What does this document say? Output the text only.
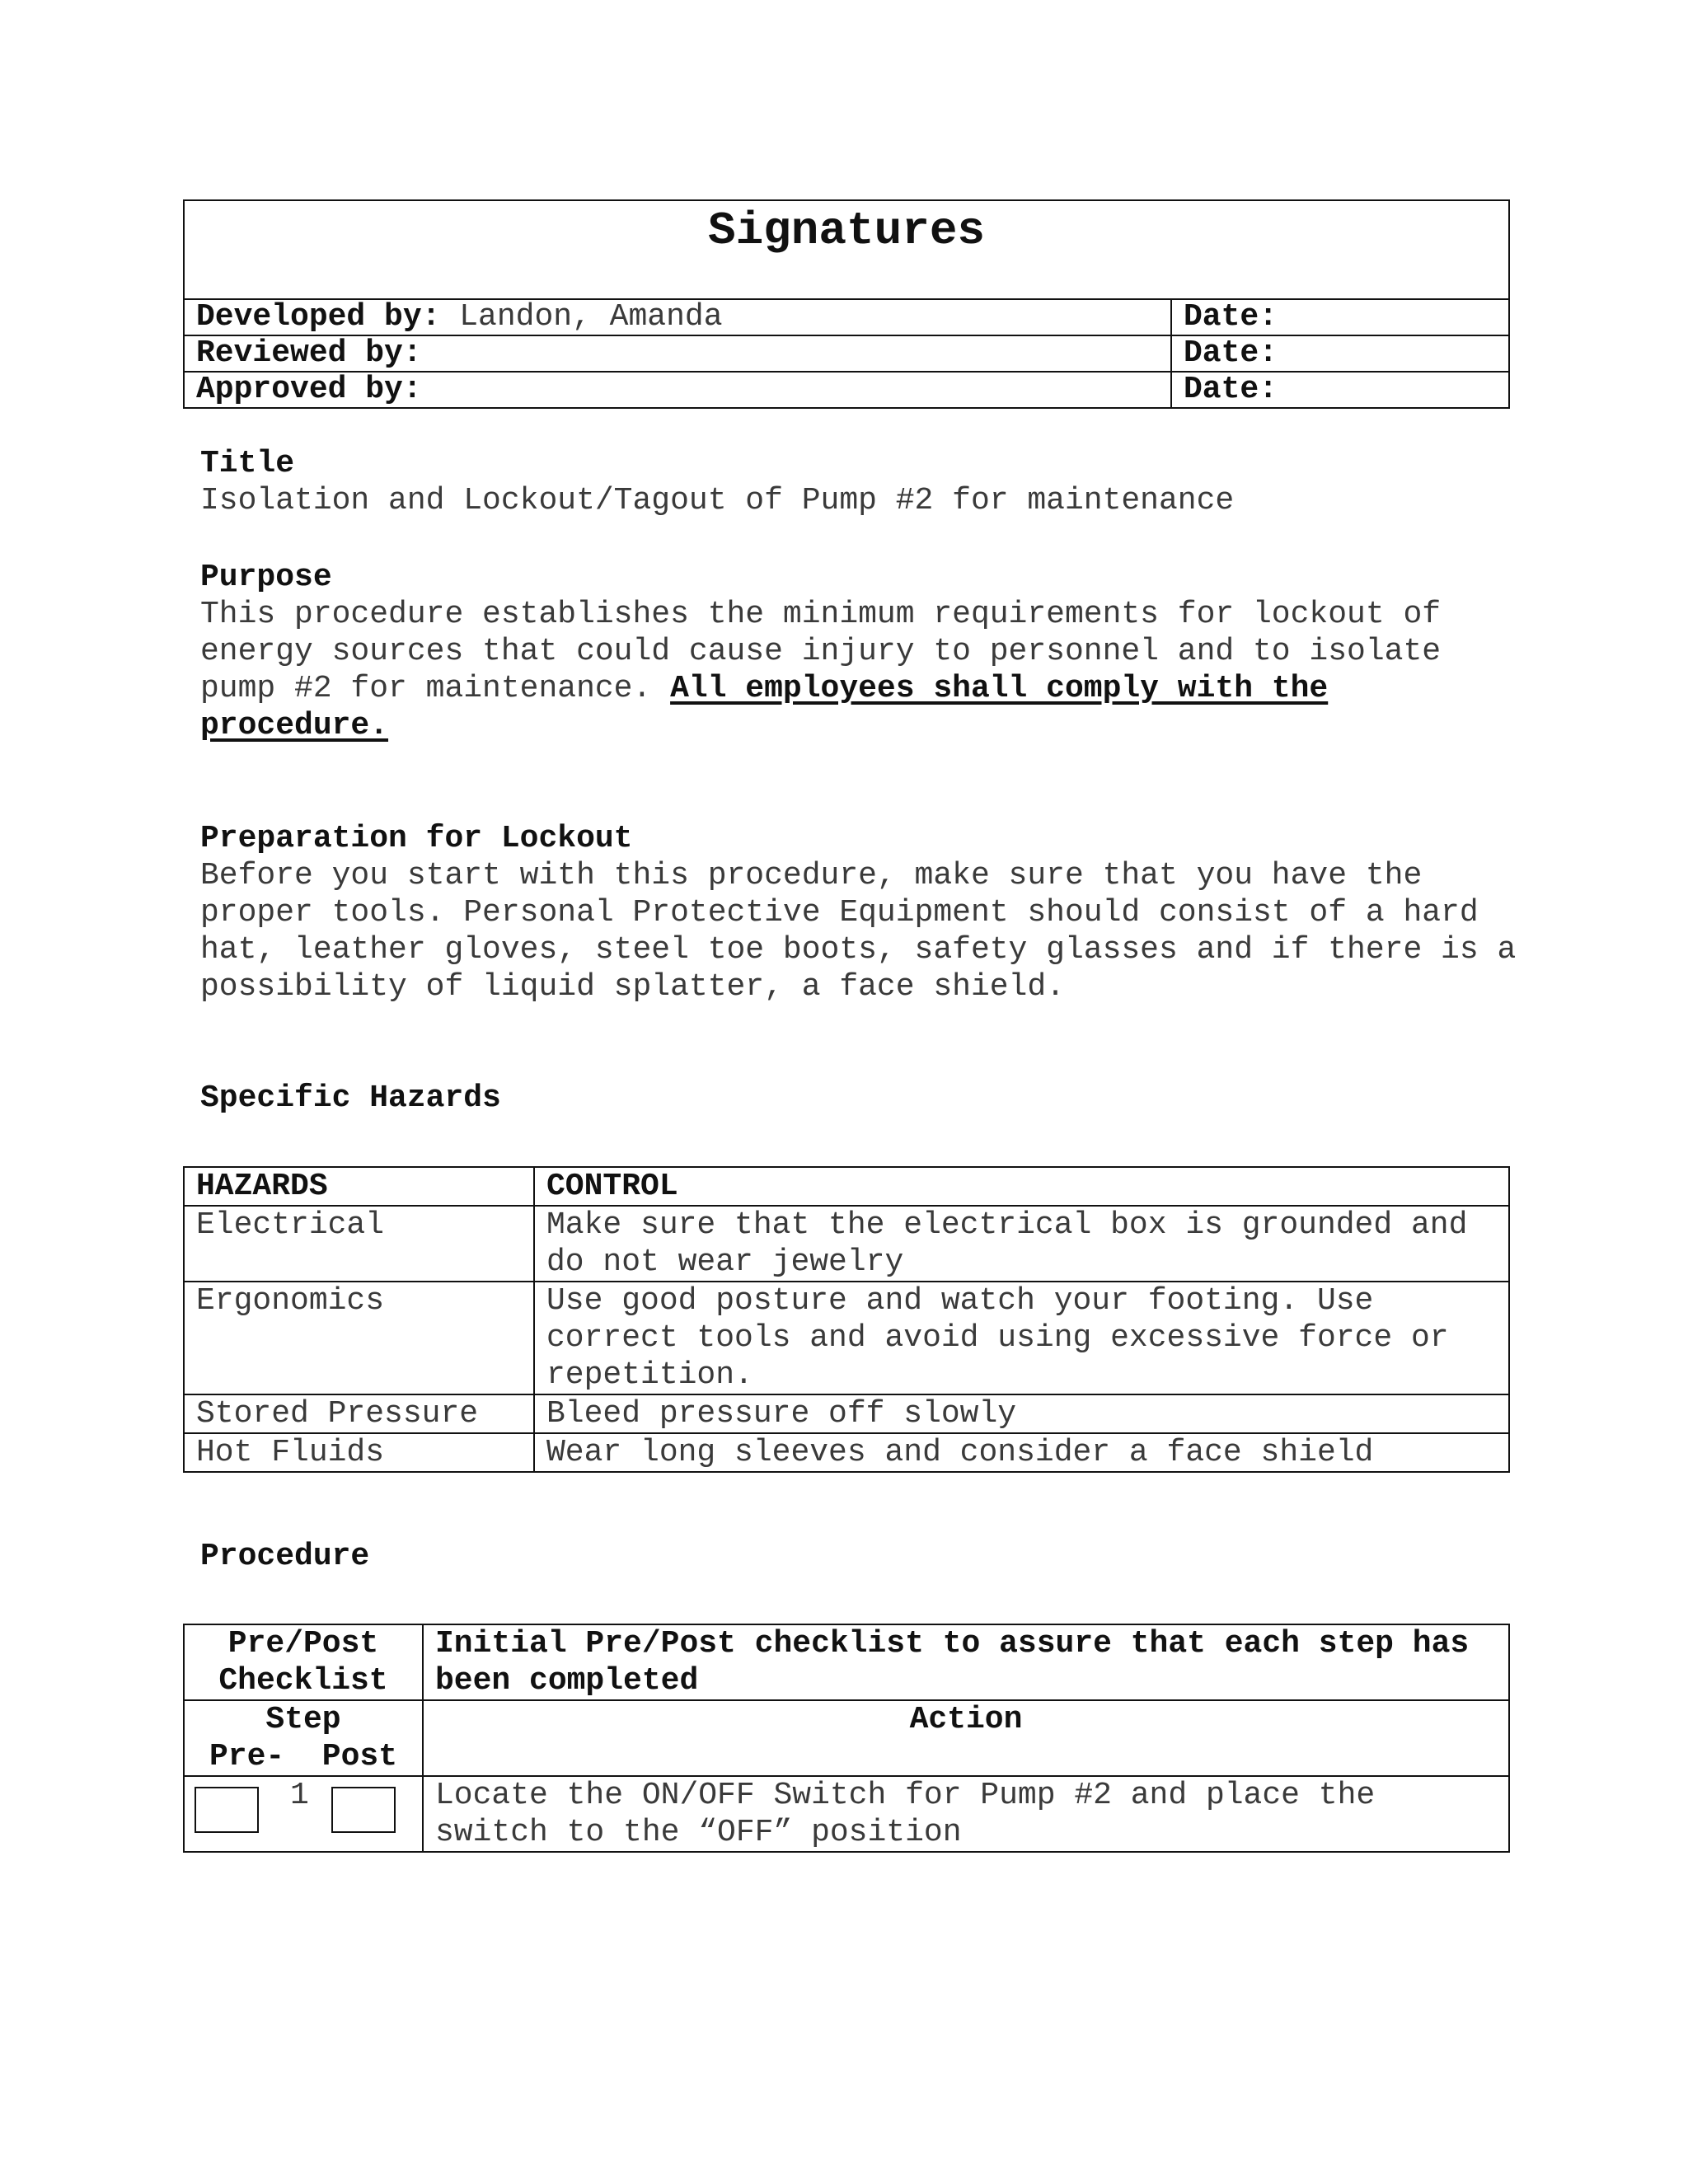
Signatures	
Developed by: Landon, Amanda	Date:
Reviewed by:	Date:
Approved by:	Date:
Title
Isolation and Lockout/Tagout of Pump #2 for maintenance
Purpose
This procedure establishes the minimum requirements for lockout of energy sources that could cause injury to personnel and to isolate pump #2 for maintenance. All employees shall comply with the procedure.
Preparation for Lockout
Before you start with this procedure, make sure that you have the proper tools. Personal Protective Equipment should consist of a hard hat, leather gloves, steel toe boots, safety glasses and if there is a possibility of liquid splatter, a face shield.
Specific Hazards
HAZARDS	CONTROL
Electrical	Make sure that the electrical box is grounded and do not wear jewelry
Ergonomics	Use good posture and watch your footing. Use correct tools and avoid using excessive force or repetition.
Stored Pressure	Bleed pressure off slowly
Hot Fluids	Wear long sleeves and consider a face shield
Procedure
Pre/Post Checklist	Initial Pre/Post checklist to assure that each step has been completed

Step
Pre- Post	Action

1	Locate the ON/OFF Switch for Pump #2 and place the switch to the “OFF” position
